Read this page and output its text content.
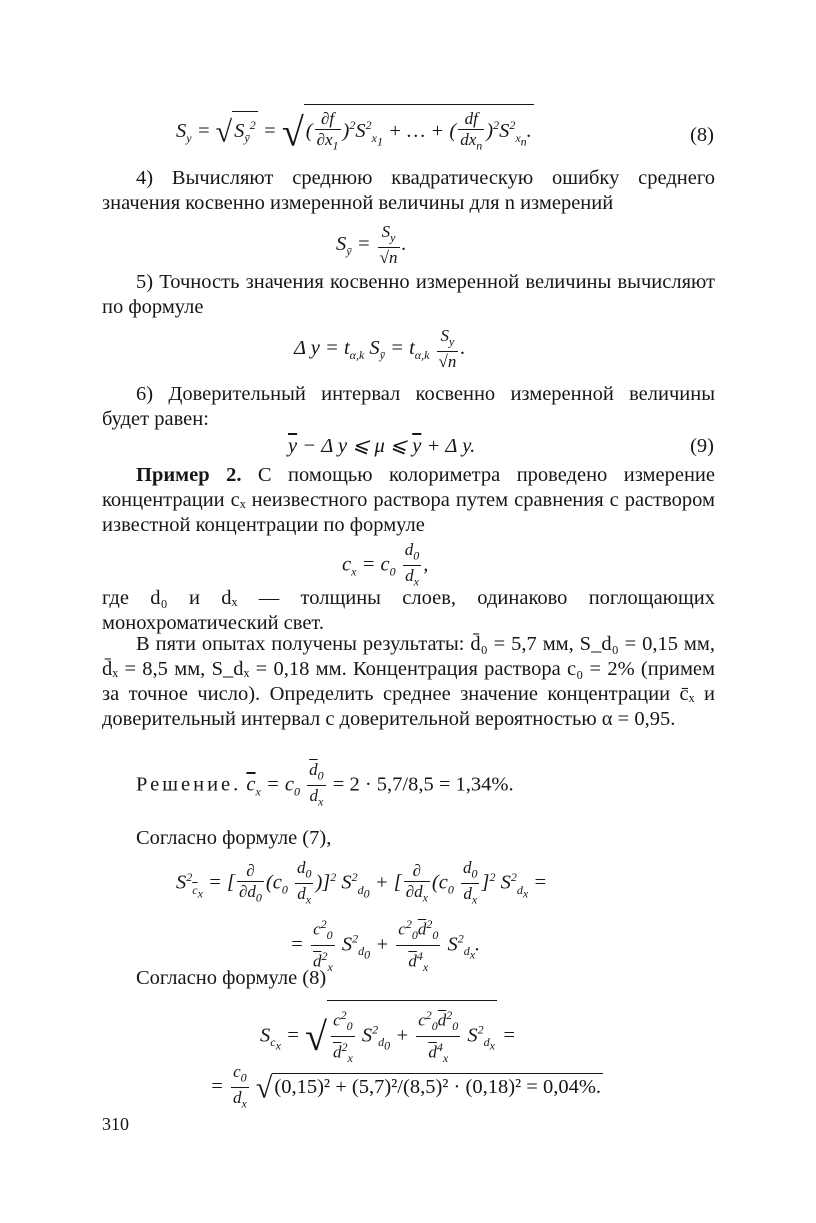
$S_y = √S_ȳ^2$ = √( $\frac{\partial f}{\partial x_1} )^2S^2_{x_1}$ + … + (
df
$dx_n$
)$^2S^2_{x_n}$.	(8)

4) Вычисляют среднюю квадратическую ошибку среднего значения косвенно измеренной величины для n измерений

$S_ȳ = \frac{S_y}{√n}$ .

5) Точность значения косвенно измеренной величины вычисляют по формуле

Δ $y = t_{\alpha,k}$ $S_ȳ = t_{\alpha,k} \frac{S_y}{√n}$ .

6) Доверительный интервал косвенно измеренной величины будет равен:

$\overline{y} - \Delta$ y ⩽ μ ⩽ $\overline{y} + \Delta$ y.	(9)

Пример 2. С помощью колориметра проведено измерение концентрации cₓ неизвестного раствора путем сравнения с раствором известной концентрации по формуле

$c_x = c_0 \frac{d_0}{d_x}$ ,

где d₀ и dₓ — толщины слоев, одинаково поглощающих монохроматический свет.

В пяти опытах получены результаты: d̄₀ = 5,7 мм, S_d₀ = 0,15 мм, d̄ₓ = 8,5 мм, S_dₓ = 0,18 мм. Концентрация раствора c₀ = 2% (примем за точное число). Определить среднее значение концентрации c̄ₓ и доверительный интервал с доверительной вероятностью α = 0,95.

Решение. $\overline{c}_x = c_0 \frac{\overline{d}_0}{\overline{d}_x} = 2 \cdot 5,7/8,5 = 1,34\%$.

Согласно формуле (7),

$S^2_{\overline{c}_x}$ = [
∂
$\partial d_0$
$(c_0 \frac{d_0}{d_x} )]^2$ $S^2_{d_0}$ + [
∂
$\partial d_x$
$(c_0 \frac{d_0}{d_x} ]^2$ $S^2_{d_x}$ =
= $\frac{c^2_0}{\overline{d}^2_x} S^2_{d_0} + \frac{c^2_0\overline{d}^2_0}{\overline{d}^4_x} S^2_{d_x}$.

Согласно формуле (8)

$S_{c_x}$ = √ $\frac{c^2_0}{\overline{d}^2_x} S^2_{d_0} + \frac{c^2_0\overline{d}^2_0}{\overline{d}^4_x} S^2_{d_x}$ =
= $\frac{c_0}{\overline{d}_x} √(0,15)^2 + (5,7)^2/(8,5)^2 \cdot (0,18)^2 = 0,04\%$.
310
